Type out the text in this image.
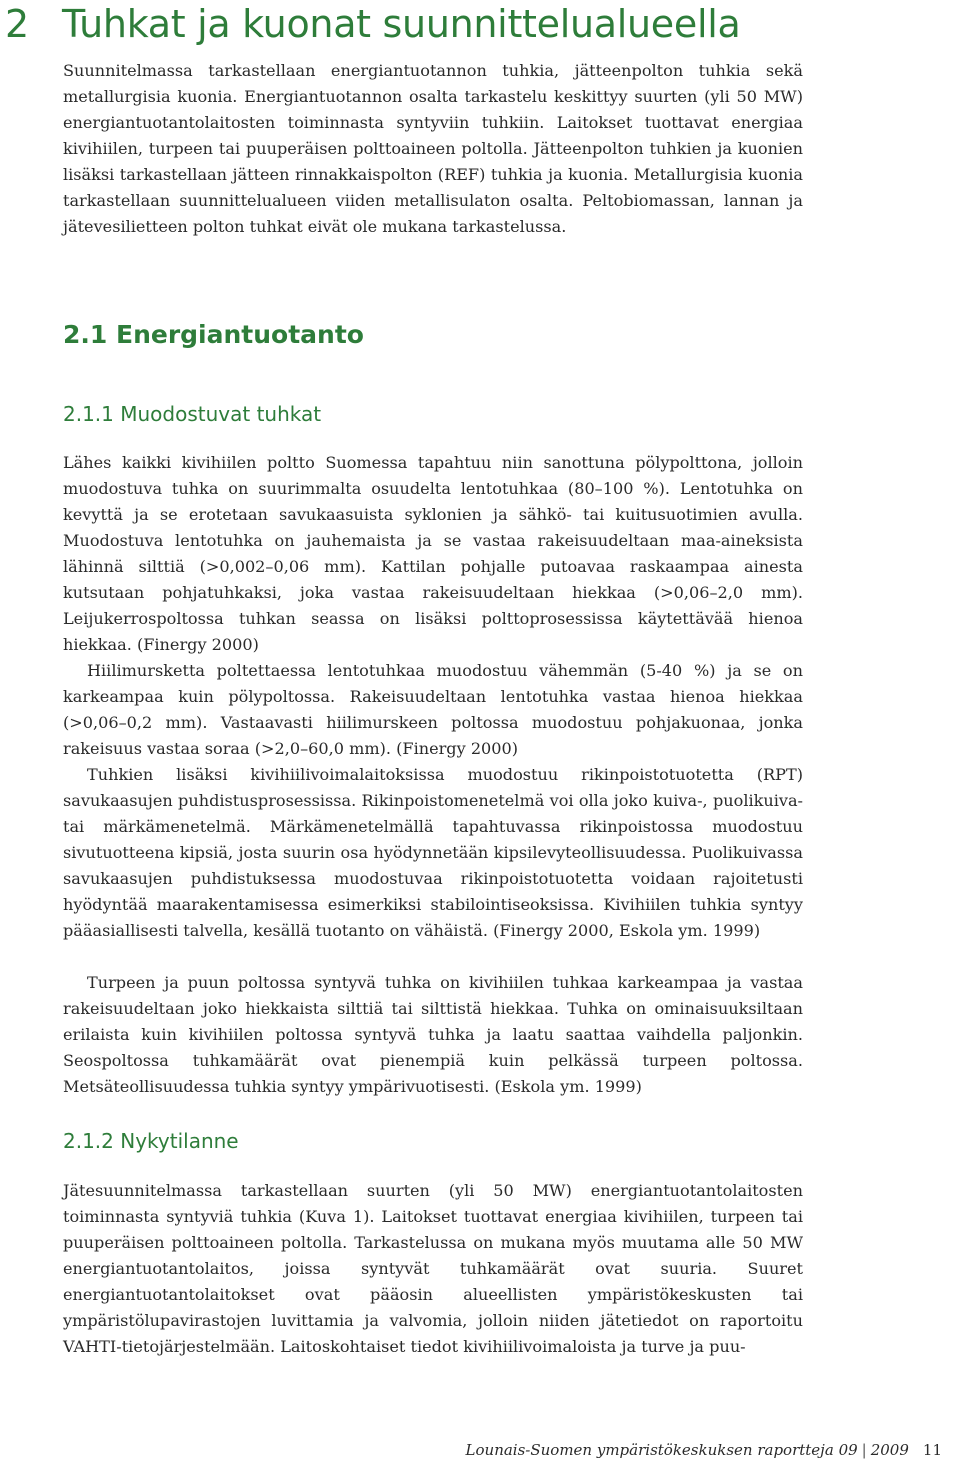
2 Tuhkat ja kuonat suunnittelualueella

Suunnitelmassa tarkastellaan energiantuotannon tuhkia, jätteenpolton tuhkia sekä metallurgisia kuonia. Energiantuotannon osalta tarkastelu keskittyy suurten (yli 50 MW) energiantuotantolaitosten toiminnasta syntyviin tuhkiin. Laitokset tuottavat energiaa kivihiilen, turpeen tai puuperäisen polttoaineen poltolla. Jätteenpolton tuhkien ja kuonien lisäksi tarkastellaan jätteen rinnakkaispolton (REF) tuhkia ja kuonia. Metallurgisia kuonia tarkastellaan suunnittelualueen viiden metallisulaton osalta. Peltobiomassan, lannan ja jätevesilietteen polton tuhkat eivät ole mukana tarkastelussa.

2.1 Energiantuotanto
2.1.1 Muodostuvat tuhkat

Lähes kaikki kivihiilen poltto Suomessa tapahtuu niin sanottuna pölypolttona, jolloin muodostuva tuhka on suurimmalta osuudelta lentotuhkaa (80–100 %). Lentotuhka on kevyttä ja se erotetaan savukaasuista syklonien ja sähkö- tai kuitusuotimien avulla. Muodostuva lentotuhka on jauhemaista ja se vastaa rakeisuudeltaan maa-aineksista lähinnä silttiä (>0,002–0,06 mm). Kattilan pohjalle putoavaa raskaampaa ainesta kutsutaan pohjatuhkaksi, joka vastaa rakeisuudeltaan hiekkaa (>0,06–2,0 mm). Leijukerrospoltossa tuhkan seassa on lisäksi polttoprosessissa käytettävää hienoa hiekkaa. (Finergy 2000)

Hiilimursketta poltettaessa lentotuhkaa muodostuu vähemmän (5-40 %) ja se on karkeampaa kuin pölypoltossa. Rakeisuudeltaan lentotuhka vastaa hienoa hiekkaa (>0,06–0,2 mm). Vastaavasti hiilimurskeen poltossa muodostuu pohjakuonaa, jonka rakeisuus vastaa soraa (>2,0–60,0 mm). (Finergy 2000)

Tuhkien lisäksi kivihiilivoimalaitoksissa muodostuu rikinpoistotuotetta (RPT) savukaasujen puhdistusprosessissa. Rikinpoistomenetelmä voi olla joko kuiva-, puolikuiva- tai märkämenetelmä. Märkämenetelmällä tapahtuvassa rikinpoistossa muodostuu sivutuotteena kipsiä, josta suurin osa hyödynnetään kipsilevyteollisuudessa. Puolikuivassa savukaasujen puhdistuksessa muodostuvaa rikinpoistotuotetta voidaan rajoitetusti hyödyntää maarakentamisessa esimerkiksi stabilointiseoksissa. Kivihiilen tuhkia syntyy pääasiallisesti talvella, kesällä tuotanto on vähäistä. (Finergy 2000, Eskola ym. 1999)

Turpeen ja puun poltossa syntyvä tuhka on kivihiilen tuhkaa karkeampaa ja vastaa rakeisuudeltaan joko hiekkaista silttiä tai silttistä hiekkaa. Tuhka on ominaisuuksiltaan erilaista kuin kivihiilen poltossa syntyvä tuhka ja laatu saattaa vaihdella paljonkin. Seospoltossa tuhkamäärät ovat pienempiä kuin pelkässä turpeen poltossa. Metsäteollisuudessa tuhkia syntyy ympärivuotisesti. (Eskola ym. 1999)

2.1.2 Nykytilanne

Jätesuunnitelmassa tarkastellaan suurten (yli 50 MW) energiantuotantolaitosten toiminnasta syntyviä tuhkia (Kuva 1). Laitokset tuottavat energiaa kivihiilen, turpeen tai puuperäisen polttoaineen poltolla. Tarkastelussa on mukana myös muutama alle 50 MW energiantuotantolaitos, joissa syntyvät tuhkamäärät ovat suuria. Suuret energiantuotantolaitokset ovat pääosin alueellisten ympäristökeskusten tai ympäristölupavirastojen luvittamia ja valvomia, jolloin niiden jätetiedot on raportoitu VAHTI-tietojärjestelmään. Laitoskohtaiset tiedot kivihiilivoimaloista ja turve ja puu-

Lounais-Suomen ympäristökeskuksen raportteja 09 | 2009 11
